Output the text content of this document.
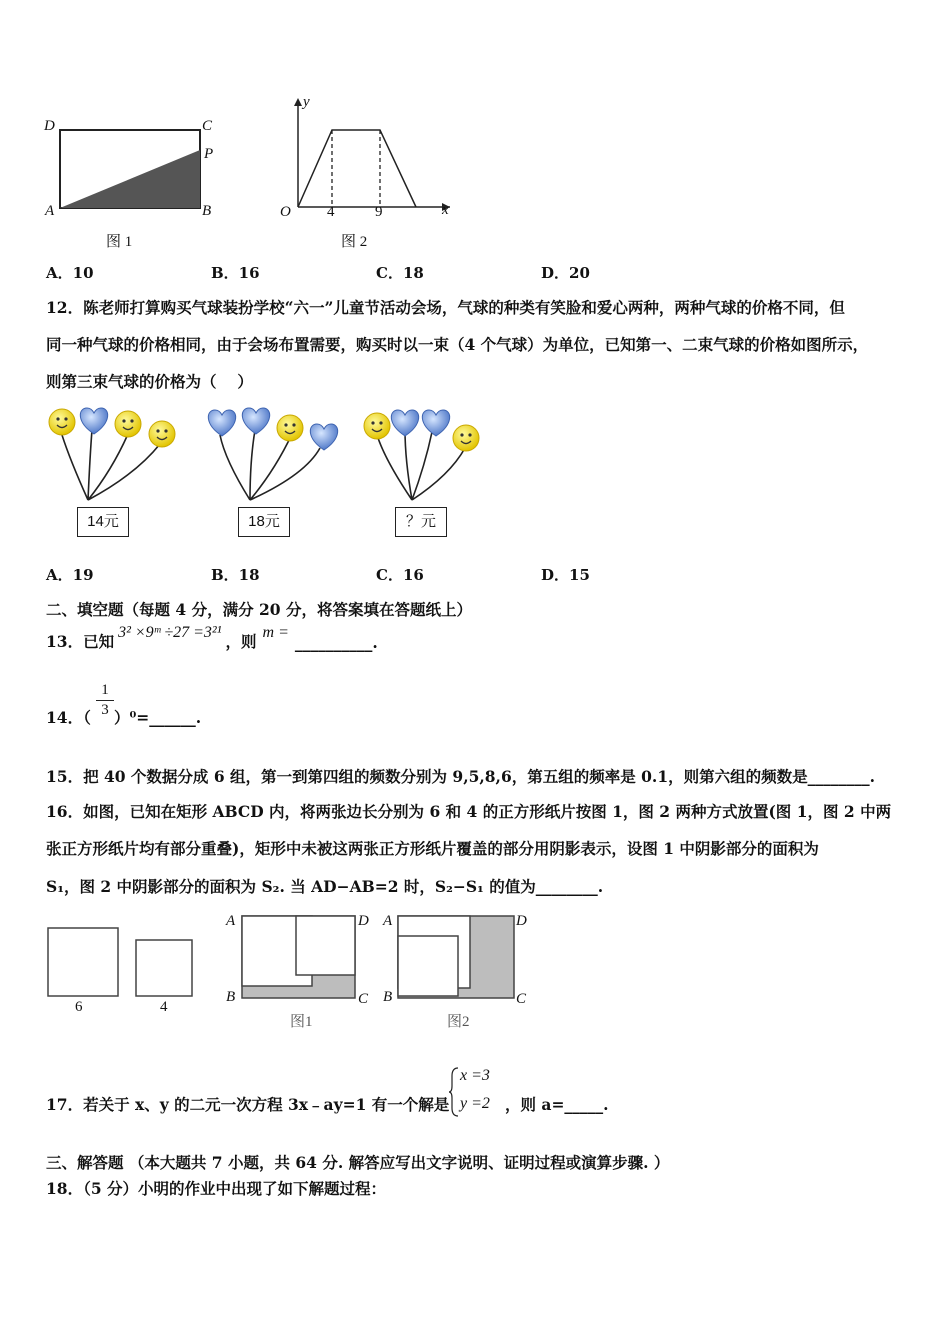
D	C
P
A	B
图 1
y
O 4	9	x
图 2
A．10	B．16	C．18	D．20
12．陈老师打算购买气球装扮学校“六一”儿童节活动会场，气球的种类有笑脸和爱心两种，两种气球的价格不同，但
同一种气球的价格相同，由于会场布置需要，购买时以一束（4 个气球）为单位，已知第一、二束气球的价格如图所示，
则第三束气球的价格为（　 ）
14元	18元	？元
A．19	B．18	C．16	D．15
二、填空题（每题 4 分，满分 20 分，将答案填在答题纸上）
13．已知 3² ×9ᵐ ÷27 =3²¹ ，则 m =
__________.
14．（
1
3 ）⁰=______.
15．把 40 个数据分成 6 组，第一到第四组的频数分别为 9,5,8,6，第五组的频率是 0.1，则第六组的频数是________.
16．如图，已知在矩形 ABCD 内，将两张边长分别为 6 和 4 的正方形纸片按图 1，图 2 两种方式放置(图 1，图 2 中两
张正方形纸片均有部分重叠)，矩形中未被这两张正方形纸片覆盖的部分用阴影表示，设图 1 中阴影部分的面积为
S₁，图 2 中阴影部分的面积为 S₂. 当 AD−AB=2 时，S₂−S₁ 的值为________.
6	4
A	D
B	C
图1
A	D
B	C
图2
17．若关于 x、y 的二元一次方程 3x﹣ay=1 有一个解是
x =3
y =2 ，则 a=_____.
三、解答题 （本大题共 7 小题，共 64 分. 解答应写出文字说明、证明过程或演算步骤. ）
18．（5 分）小明的作业中出现了如下解题过程：
